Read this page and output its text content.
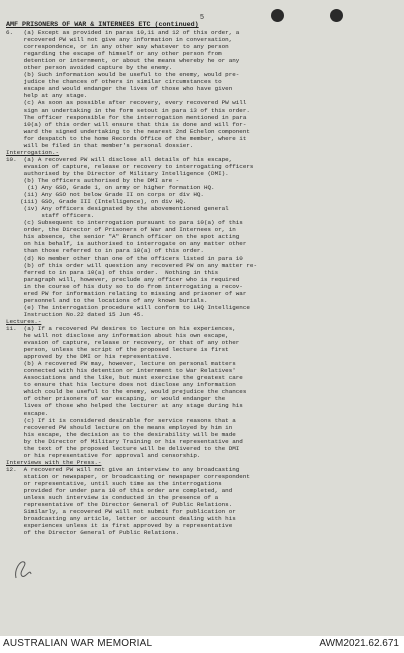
5
AMF PRISONERS OF WAR & INTERNEES ETC (continued)
6.   (a) Except as provided in paras 10,11 and 12 of this order, a
recovered PW will not give any information in conversation,
correspondence, or in any other way whatever to any person
regarding the escape of himself or any other person from
detention or internment, or about the means whereby he or any
other person avoided capture by the enemy.
(b) Such information would be useful to the enemy, would pre-
judice the chances of others in similar circumstances to
escape and would endanger the lives of those who have given
help at any stage.
(c) As soon as possible after recovery, every recovered PW will
sign an undertaking in the form setout in para 13 of this order.
The officer responsible for the interrogation mentioned in para
10(a) of this order will ensure that this is done and will for-
ward the signed undertaking to the nearest 2nd Echelon component
for despatch to the home Records Office of the member, where it
will be filed in that member's personal dossier.
Interrogation.-
10.  (a) A recovered PW will disclose all details of his escape,
evasion of capture, release or recovery to interrogating officers
authorised by the Director of Military Intelligence (DMI).
(b) The officers authorised by the DMI are -
(i) Any GSO, Grade 1, on army or higher formation HQ.
(ii) Any GSO not below Grade II on corps or div HQ.
(iii) GSO, Grade III (Intelligence), on div HQ.
(iv) Any officers designated by the abovementioned general
staff officers.
(c) Subsequent to interrogation pursuant to para 10(a) of this
order, the Director of Prisoners of War and Internees or, in
his absence, the senior "A" Branch officer on the spot acting
on his behalf, is authorised to interrogate on any matter other
than those referred to in para 10(a) of this order.
(d) No member other than one of the officers listed in para 10
(b) of this order will question any recovered PW on any matter re-
ferred to in para 10(a) of this order.  Nothing in this
paragraph will, however, preclude any officer who is required
in the course of his duty so to do from interrogating a recov-
ered PW for information relating to missing and prisoner of war
personnel and to the locations of any known burials.
(e) The interrogation procedure will conform to LHQ Intelligence
Instruction No.22 dated 15 Jun 45.
Lectures.-
11.  (a) If a recovered PW desires to lecture on his experiences,
he will not disclose any information about his own escape,
evasion of capture, release or recovery, or that of any other
person, unless the script of the proposed lecture is first
approved by the DMI or his representative.
(b) A recovered PW may, however, lecture on personal matters
connected with his detention or internment to War Relatives'
Associations and the like, but must exercise the greatest care
to ensure that his lecture does not disclose any information
which could be useful to the enemy, would prejudice the chances
of other prisoners of war escaping, or would endanger the
lives of those who helped the lecturer at any stage during his
escape.
(c) If it is considered desirable for service reasons that a
recovered PW should lecture on the means employed by him in
his escape, the decision as to the desirability will be made
by the Director of Military Training or his representative and
the text of the proposed lecture will be delivered to the DMI
or his representative for approval and censorship.
Interviews with the Press.-
12.  A recovered PW will not give an interview to any broadcasting
station or newspaper, or broadcasting or newspaper correspondent
or representative, until such time as the interrogations
provided for under para 10 of this order are completed, and
unless such interview is conducted in the presence of a
representative of the Director General of Public Relations.
Similarly, a recovered PW will not submit for publication or
broadcasting any article, letter or account dealing with his
experiences unless it is first approved by a representative
of the Director General of Public Relations.
AUSTRALIAN WAR MEMORIAL	AWM2021.62.671
